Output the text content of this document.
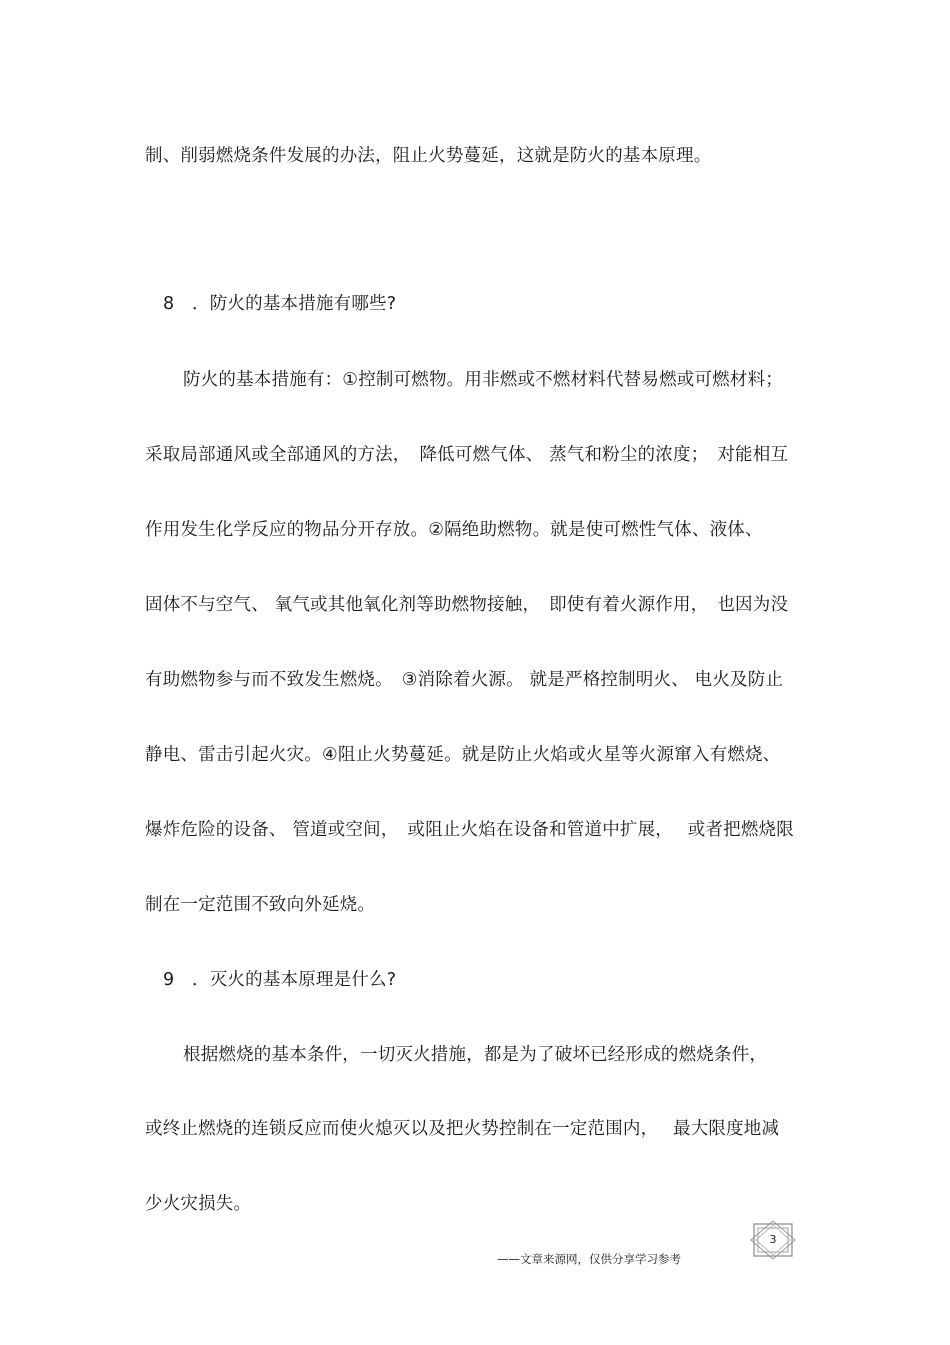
制、削弱燃烧条件发展的办法，阻止火势蔓延，这就是防火的基本原理。
8　．防火的基本措施有哪些?
防火的基本措施有：①控制可燃物。用非燃或不燃材料代替易燃或可燃材料；
采取局部通风或全部通风的方法，　降低可燃气体、 蒸气和粉尘的浓度；　对能相互
作用发生化学反应的物品分开存放。②隔绝助燃物。就是使可燃性气体、液体、
固体不与空气、 氧气或其他氧化剂等助燃物接触，　即使有着火源作用，　也因为没
有助燃物参与而不致发生燃烧。　③消除着火源。 就是严格控制明火、 电火及防止
静电、雷击引起火灾。④阻止火势蔓延。就是防止火焰或火星等火源窜入有燃烧、
爆炸危险的设备、 管道或空间，　或阻止火焰在设备和管道中扩展，　 或者把燃烧限
制在一定范围不致向外延烧。
9　．灭火的基本原理是什么?
根据燃烧的基本条件，一切灭火措施，都是为了破坏已经形成的燃烧条件，
或终止燃烧的连锁反应而使火熄灭以及把火势控制在一定范围内，　 最大限度地减
少火灾损失。
3
——文章来源网，仅供分享学习参考
